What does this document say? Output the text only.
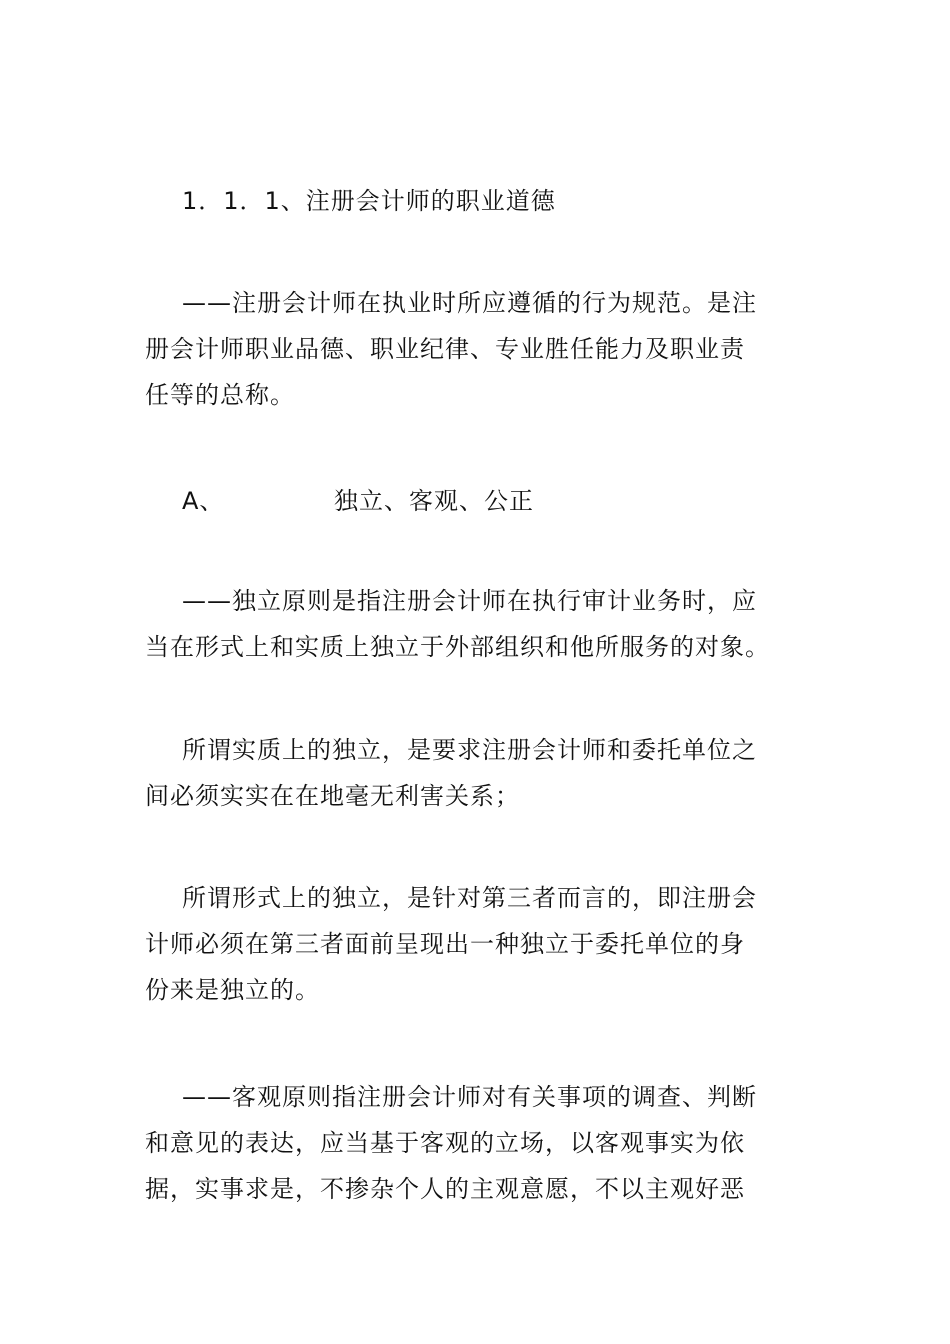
1．1．1、注册会计师的职业道德

——注册会计师在执业时所应遵循的行为规范。是注
册会计师职业品德、职业纪律、专业胜任能力及职业责
任等的总称。

A、	独立、客观、公正

——独立原则是指注册会计师在执行审计业务时，应
当在形式上和实质上独立于外部组织和他所服务的对象。

所谓实质上的独立，是要求注册会计师和委托单位之
间必须实实在在地毫无利害关系；

所谓形式上的独立，是针对第三者而言的，即注册会
计师必须在第三者面前呈现出一种独立于委托单位的身
份来是独立的。

——客观原则指注册会计师对有关事项的调查、判断
和意见的表达，应当基于客观的立场，以客观事实为依
据，实事求是，不掺杂个人的主观意愿，不以主观好恶
